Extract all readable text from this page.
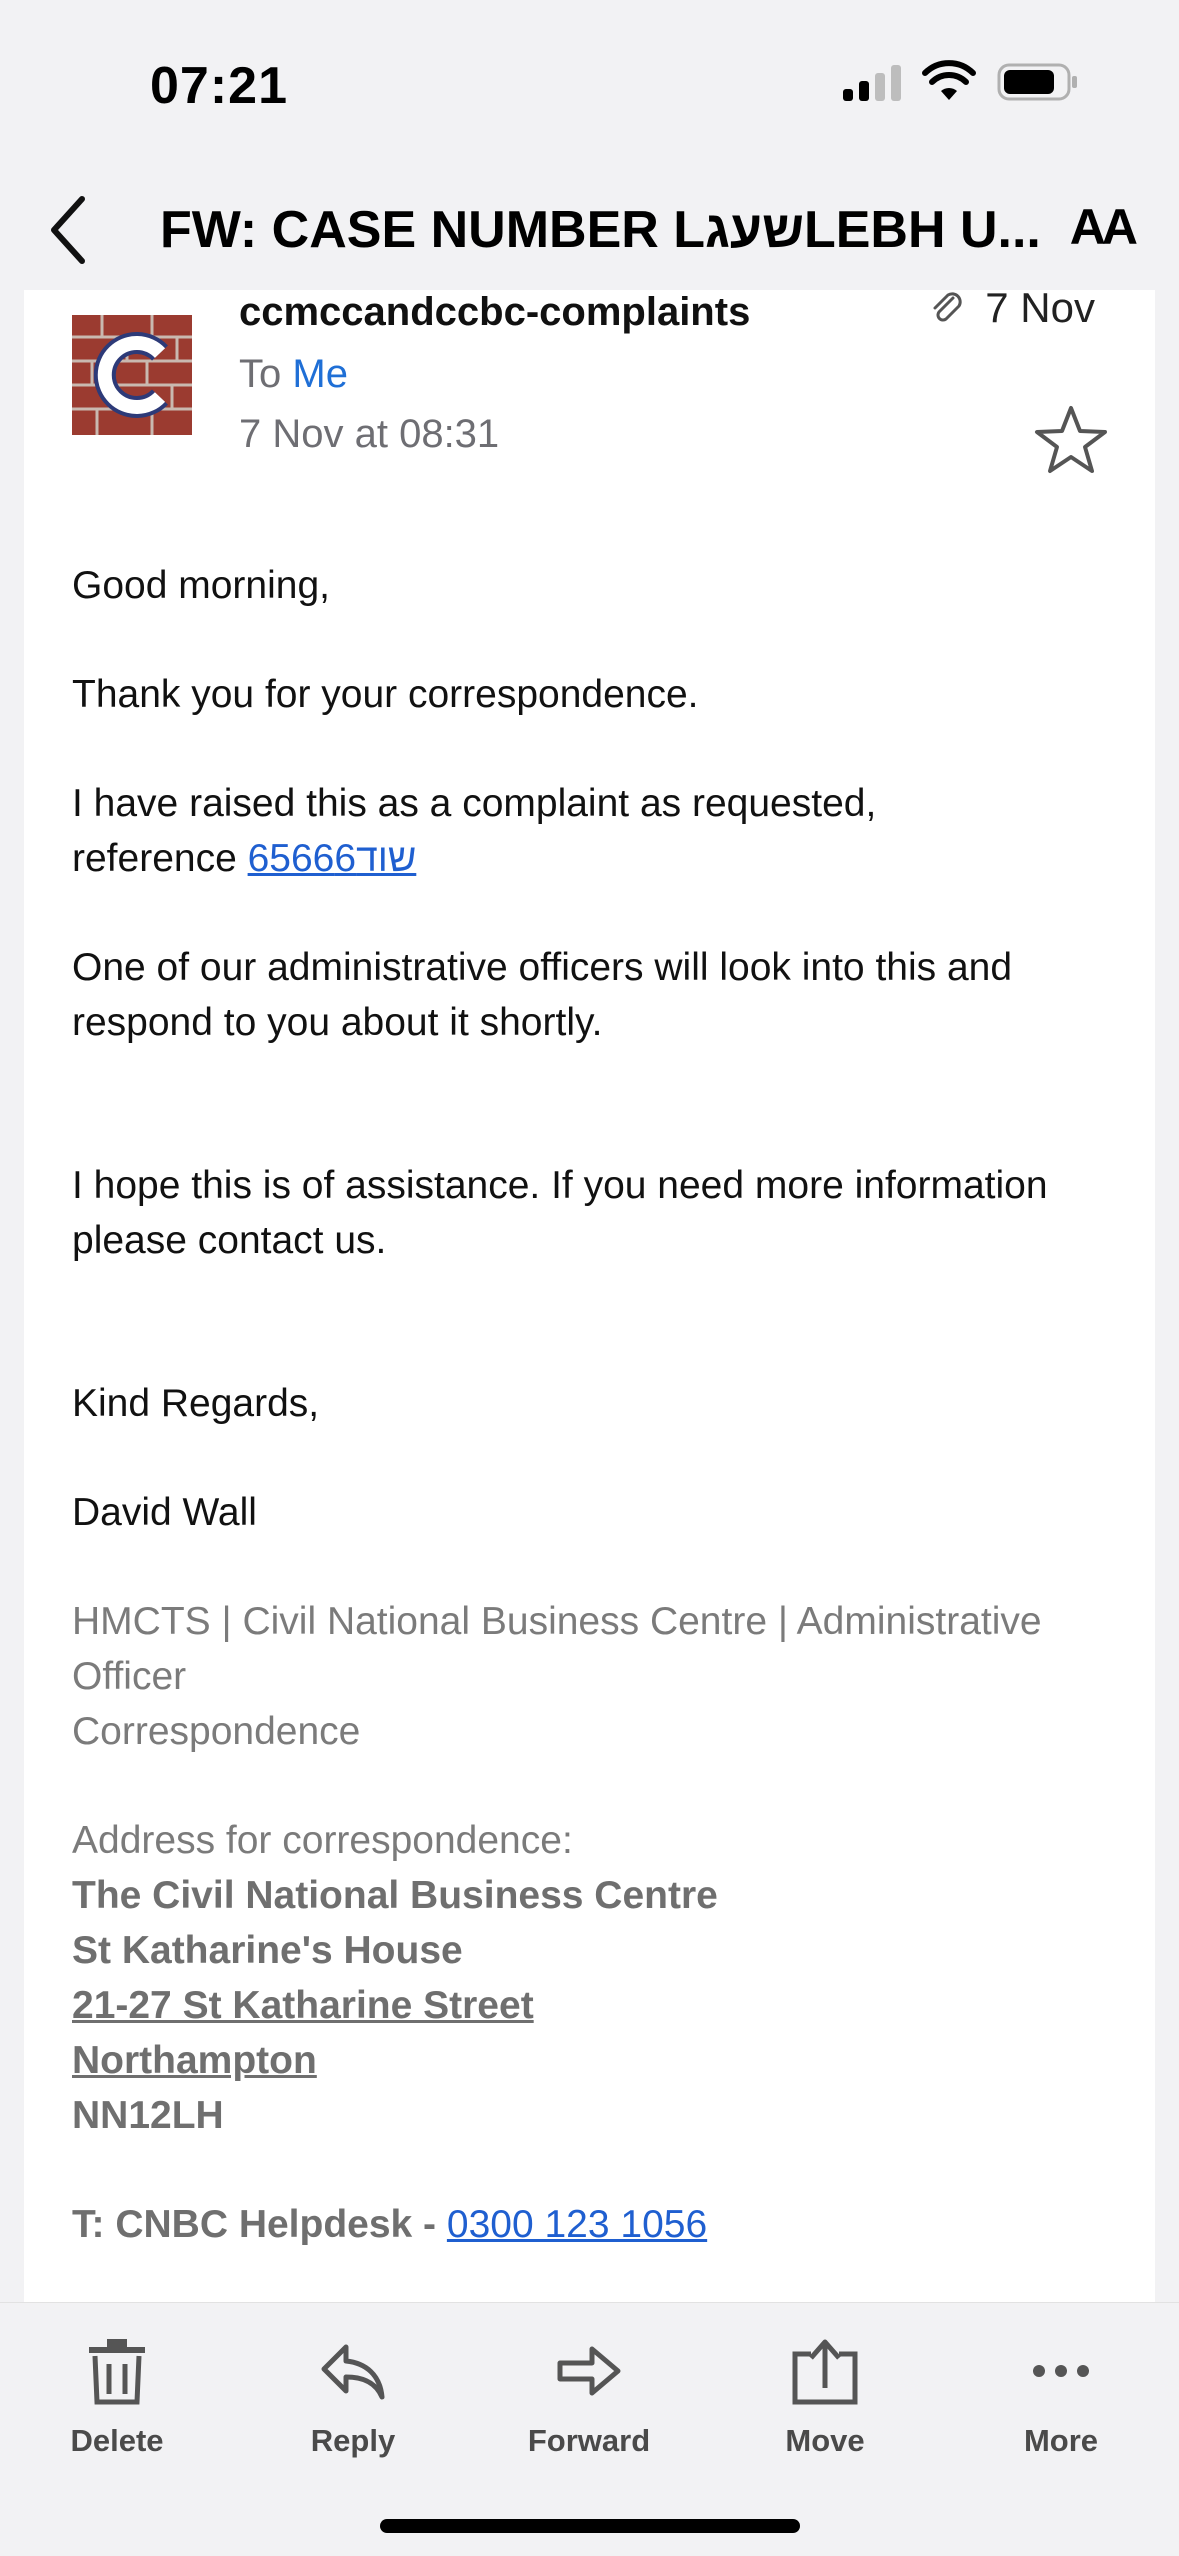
07:21
FW: CASE NUMBER LשעגLEBH U... AA
ccmccandccbc-complaints
To Me
7 Nov at 08:31
7 Nov

Good morning,

Thank you for your correspondence.

I have raised this as a complaint as requested,
reference 6566‬שוד6

One of our administrative officers will look into this and respond to you about it shortly.

I hope this is of assistance. If you need more information please contact us.

Kind Regards,

David Wall

HMCTS | Civil National Business Centre | Administrative Officer
Correspondence

Address for correspondence:
The Civil National Business Centre
St Katharine's House
21-27 St Katharine Street
Northampton
NN12LH

T: CNBC Helpdesk - 0300 123 1056

Delete	Reply	Forward	Move	More
